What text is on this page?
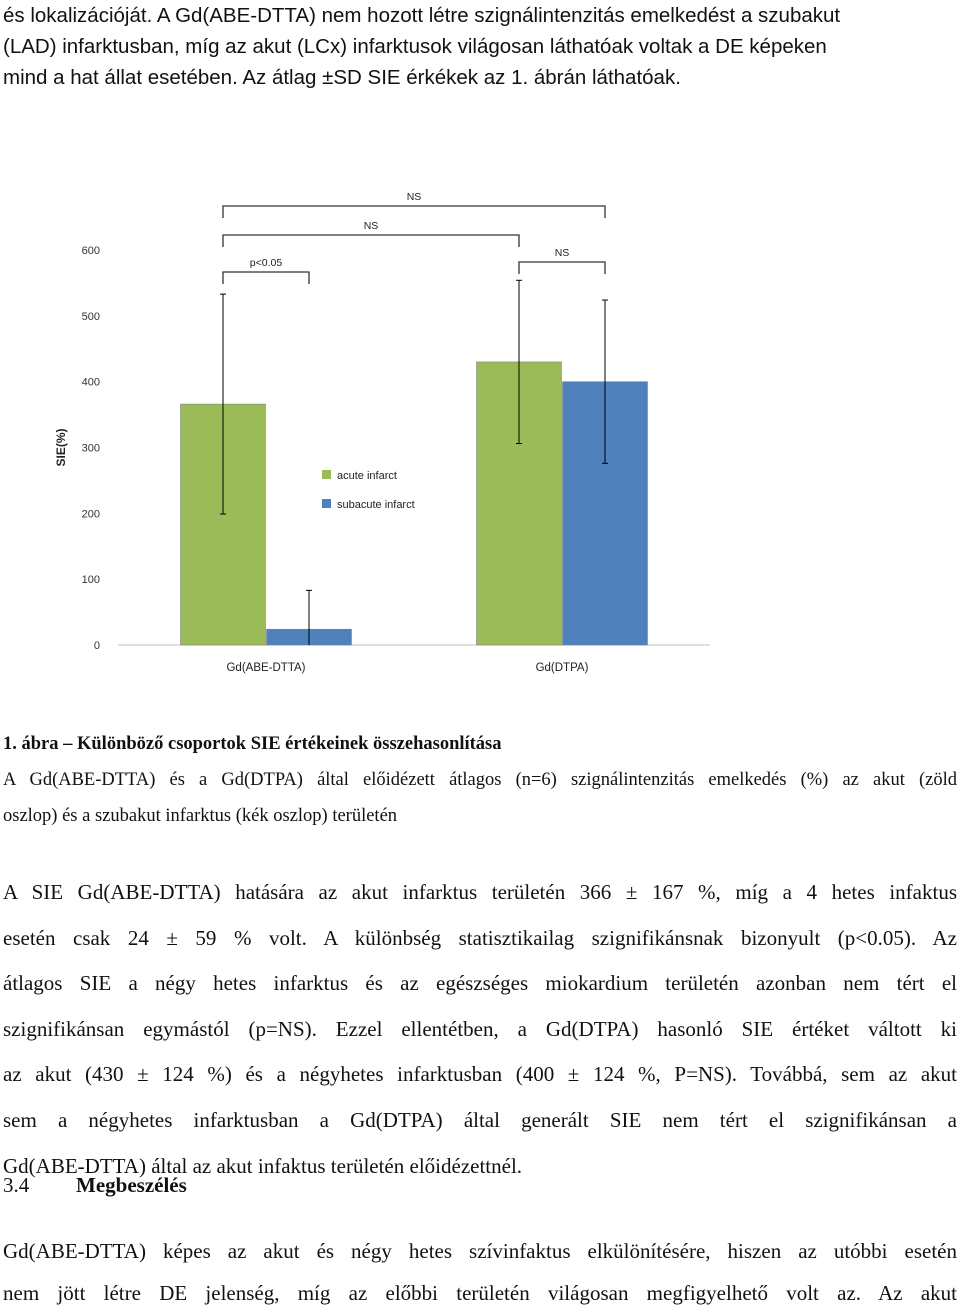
és lokalizációját. A Gd(ABE-DTTA) nem hozott létre szignálintenzitás emelkedést a szubakut
(LAD) infarktusban, míg az akut (LCx) infarktusok világosan láthatóak voltak a DE képeken
mind a hat állat esetében. Az átlag ±SD SIE érkékek az 1. ábrán láthatóak.
0
100
200
300
400
500
600
SIE(%)
Gd(ABE-DTTA)	Gd(DTPA)
p<0.05
NS
NS
NS
acute infarct
subacute infarct
1. ábra – Különböző csoportok SIE értékeinek összehasonlítása
A Gd(ABE-DTTA) és a Gd(DTPA) által előidézett átlagos (n=6) szignálintenzitás emelkedés (%) az akut (zöld
oszlop) és a szubakut infarktus (kék oszlop) területén
A SIE Gd(ABE-DTTA) hatására az akut infarktus területén 366 ± 167 %, míg a 4 hetes infaktus
esetén csak 24 ± 59 % volt. A különbség statisztikailag szignifikánsnak bizonyult (p<0.05). Az
átlagos SIE a négy hetes infarktus és az egészséges miokardium területén azonban nem tért el
szignifikánsan egymástól (p=NS). Ezzel ellentétben, a Gd(DTPA) hasonló SIE értéket váltott ki
az akut (430 ± 124 %) és a négyhetes infarktusban (400 ± 124 %, P=NS). Továbbá, sem az akut
sem a négyhetes infarktusban a Gd(DTPA) által generált SIE nem tért el szignifikánsan a
Gd(ABE-DTTA) által az akut infaktus területén előidézettnél.
3.4 Megbeszélés
Gd(ABE-DTTA) képes az akut és négy hetes szívinfaktus elkülönítésére, hiszen az utóbbi esetén
nem jött létre DE jelenség, míg az előbbi területén világosan megfigyelhető volt az. Az akut
